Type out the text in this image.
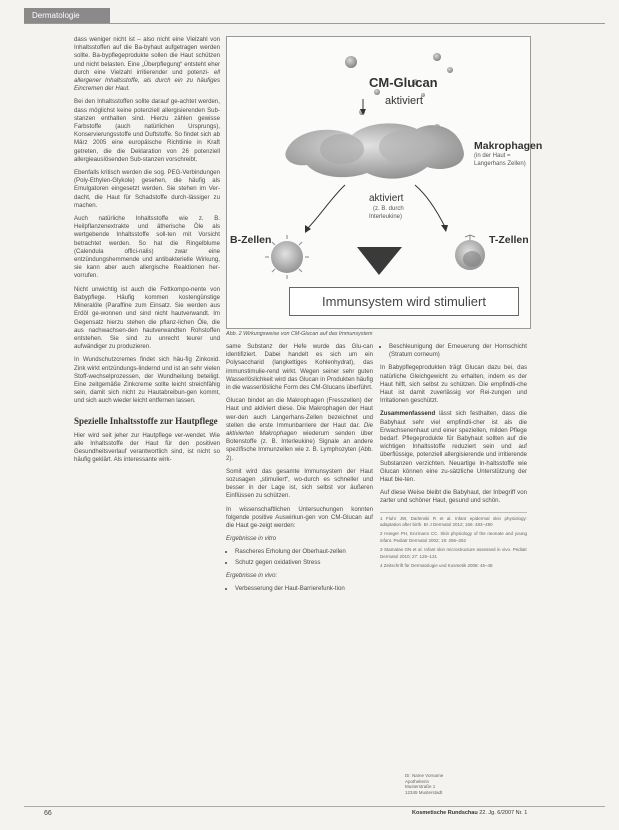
Dermatologie

dass weniger nicht ist – also nicht eine Vielzahl von Inhaltsstoffen auf die Ba-byhaut aufgetragen werden sollte. Ba-bypflegeprodukte sollen die Haut schützen und nicht belasten. Eine „Überpflegung“ entsteht eher durch eine Vielzahl irritierender und potenzi- ell allergener Inhaltsstoffe, als durch ein zu häufiges Eincremen der Haut.

Bei den Inhaltsstoffen sollte darauf ge-achtet werden, dass möglichst keine potenziell allergisierenden Sub-stanzen enthalten sind. Hierzu zählen gewisse Farbstoffe (auch natürlichen Ursprungs), Konservierungsstoffe und Duftstoffe. So findet sich ab März 2005 eine europäische Richtlinie in Kraft getreten, die die Deklaration von 26 potenziell allergieauslösenden Sub-stanzen vorschreibt.

Ebenfalls kritisch werden die sog. PEG-Verbindungen (Poly-Ethylen-Glykole) gesehen, die häufig als Emulgatoren eingesetzt werden. Sie stehen im Ver-dacht, die Haut für Schadstoffe durch-lässiger zu machen.

Auch natürliche Inhaltsstoffe wie z. B. Heilpflanzenextrakte und ätherische Öle als wertgebende Inhaltsstoffe soll-ten mit Vorsicht betrachtet werden. So hat die Ringelblume (Calendula offici-nalis) zwar eine entzündungshemmende und antibakterielle Wirkung, sie kann aber auch allergische Reaktionen her-vorrufen.

Nicht unwichtig ist auch die Fettkompo-nente von Babypflege. Häufig kommen kostengünstige Mineralöle (Paraffine zum Einsatz. Sie werden aus Erdöl ge-wonnen und sind nicht hautverwandt. Im Gegensatz hierzu stehen die pflanz-lichen Öle, die aus nachwachsen-den hautverwandten Rohstoffen entstehen. Sie sind zu unrecht teurer und aufwändiger zu produzieren.

In Wundschutzcremes findet sich häu-fig Zinkoxid. Zink wirkt entzündungs-lindernd und ist an sehr vielen Stoff-wechselprozessen, der Wundheilung beteiligt. Eine zeitgemäße Zinkcreme sollte leicht streichfähig sein, damit sich nicht zu Hautabreibun-gen kommt, und sich auch wieder leicht entfernen lassen.

Spezielle Inhaltsstoffe zur Hautpflege

Hier wird seit jeher zur Hautpflege ver-wendet. Wie alle Inhaltsstoffe der Haut für den positiven Gesundheitsverlauf verantwortlich sind, ist nicht so häufig geklärt. Als interessante wirk-

CM-Glucan
aktiviert
Makrophagen
(in der Haut =
Langerhans Zellen)
aktiviert
(z. B. durch
Interleukine)
B-Zellen	T-Zellen
Immunsystem wird stimuliert
Abb. 2 Wirkungsweise von CM-Glucan auf das Immunsystem

same Substanz der Hefe wurde das Glu-can identifiziert. Dabei handelt es sich um ein Polysaccharid (langkettiges Kohlenhydrat), das immunstimulie-rend wirkt. Wegen seiner sehr guten Wasserlöslichkeit wird das Glucan in Produkten häufig in die wasserlösliche Form des CM-Glucans überführt.

Glucan bindet an die Makrophagen (Fresszellen) der Haut und aktiviert diese. Die Makrophagen der Haut wer-den auch Langerhans-Zellen bezeichnet und stellen die erste Immunbarriere der Haut dar. Die aktivierten Makrophagen wiederum senden über Botenstoffe (z. B. Interleukine) Signale an andere spezifische Immunzellen wie z. B. Lymphozyten (Abb. 2).

Somit wird das gesamte Immunsystem der Haut sozusagen „stimuliert“, wo-durch es schneller und besser in der Lage ist, sich selbst vor äußeren Einflüssen zu schützen.

In wissenschaftlichen Untersuchungen konnten folgende positive Auswirkun-gen von CM-Glucan auf die Haut ge-zeigt werden:

Ergebnisse in vitro

• Rascheres Erholung der Oberhaut-zellen
• Schutz gegen oxidativen Stress

Ergebnisse in vivo:

• Verbesserung der Haut-Barrierefunk-tion
• Beschleunigung der Erneuerung der Hornschicht (Stratum corneum)

In Babypflegeprodukten trägt Glucan dazu bei, das natürliche Gleichgewicht zu erhalten, indem es der Haut hilft, sich selbst zu schützen. Die empfindli-che Haut ist damit zuverlässig vor Rei-zungen und Irritationen geschützt.

Zusammenfassend lässt sich festhalten, dass die Babyhaut sehr viel empfindli-cher ist als die Erwachsenenhaut und einer speziellen, milden Pflege bedarf. Pflegeprodukte für Babyhaut sollten auf die wichtigen Inhaltsstoffe reduziert sein und auf überflüssige, potenziell allergisierende und irritierende Substanzen verzichten. Neuartige In-haltsstoffe wie Glucan können eine zu-sätzliche Unterstützung der Haut bie-ten.

Auf diese Weise bleibt die Babyhaut, der Inbegriff von zarter und schöner Haut, gesund und schön.

1 Fluhr JW, Darlenski R et al. Infant epidermal skin physiology: adaptation after birth. Br J Dermatol 2012; 166: 483–490
2 Hoeger PH, Enzmann CC. Skin physiology of the neonate and young infant. Pediatr Dermatol 2002; 19: 256–262
3 Stamatas GN et al. Infant skin microstructure assessed in vivo. Pediatr Dermatol 2010; 27: 125–131
4 Zeitschrift für Dermatologie und Kosmetik 2008: 45–48
Dr. Name Vorname
Apothekerin
Musterstraße 1
12345 Musterstadt
66	Kosmetische Rundschau 22. Jg. 6/2007 Nr. 1
